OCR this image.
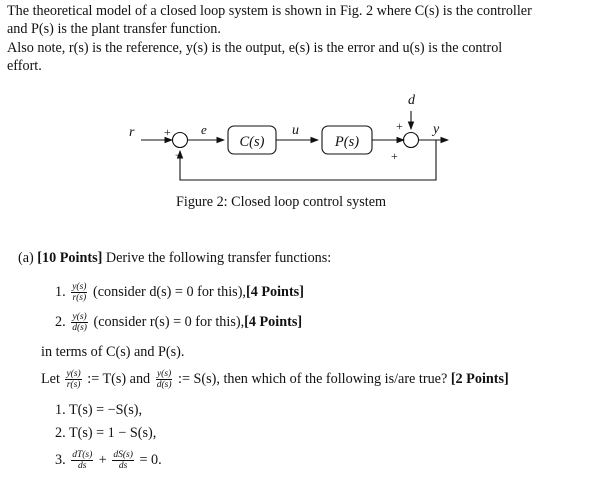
The theoretical model of a closed loop system is shown in Fig. 2 where C(s) is the controller
and P(s) is the plant transfer function.
Also note, r(s) is the reference, y(s) is the output, e(s) is the error and u(s) is the control
effort.
r +
−
e
C(s)
u
P(s)
+
+
d
y
Figure 2: Closed loop control system
(a) [10 Points] Derive the following transfer functions:
1. $\frac{y(s)}{r(s)}$ (consider d(s) = 0 for this),[4 Points]
2. $\frac{y(s)}{d(s)}$ (consider r(s) = 0 for this),[4 Points]
in terms of C(s) and P(s).
Let $\frac{y(s)}{r(s)}$ := T(s) and $\frac{y(s)}{d(s)}$ := S(s), then which of the following is/are true? [2 Points]
1. T(s) = −S(s),
2. T(s) = 1 − S(s),
3. $\frac{dT(s)}{ds} + \frac{dS(s)}{ds} = 0$.
